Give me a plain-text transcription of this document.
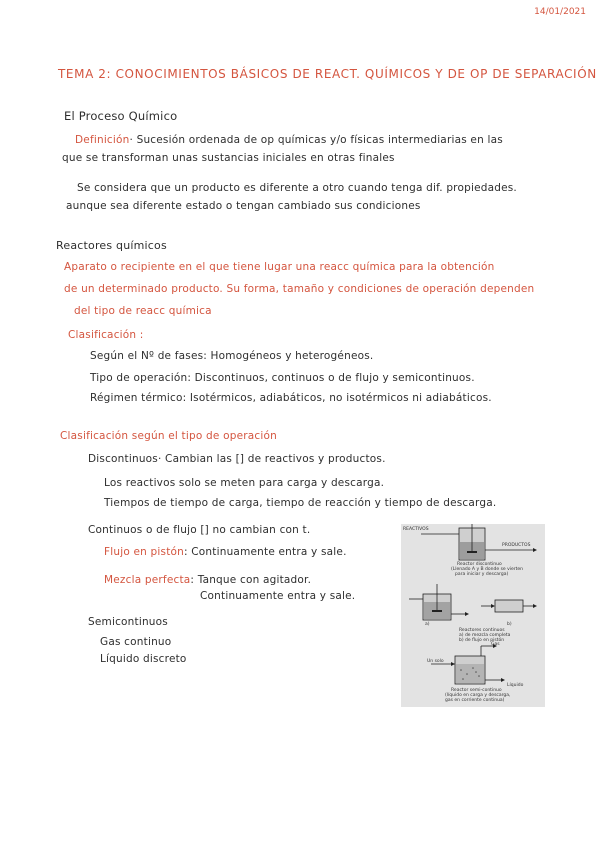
14/01/2021
TEMA 2: CONOCIMIENTOS BÁSICOS DE REACT. QUÍMICOS Y DE OP DE SEPARACIÓN
El Proceso Químico
Definición· Sucesión ordenada de op químicas y/o físicas intermediarias en las
que se transforman unas sustancias iniciales en otras finales
Se considera que un producto es diferente a otro cuando tenga dif. propiedades.
aunque sea diferente estado o tengan cambiado sus condiciones
Reactores químicos
Aparato o recipiente en el que tiene lugar una reacc química para la obtención
de un determinado producto. Su forma, tamaño y condiciones de operación dependen
del tipo de reacc química
Clasificación :
Según el Nº de fases: Homogéneos y heterogéneos.
Tipo de operación: Discontinuos, continuos o de flujo y semicontinuos.
Régimen térmico: Isotérmicos, adiabáticos, no isotérmicos ni adiabáticos.
Clasificación según el tipo de operación
Discontinuos· Cambian las [] de reactivos y productos.
Los reactivos solo se meten para carga y descarga.
Tiempos de tiempo de carga, tiempo de reacción y tiempo de descarga.
Continuos o de flujo [] no cambian con t.
Flujo en pistón: Continuamente entra y sale.
Mezcla perfecta: Tanque con agitador.
Continuamente entra y sale.
Semicontinuos
Gas continuo
Líquido discreto
REACTIVOS
PRODUCTOS
Reactor discontinuo
(Llenado A y B donde se vierten
para iniciar y descarga)
a)	b)
Reactores continuos
a) de mezcla completa
b) de flujo en pistón
Gas
Un solo
Líquido
Reactor semi-continuo
(líquido en carga y descarga,
gas en corriente continua)
